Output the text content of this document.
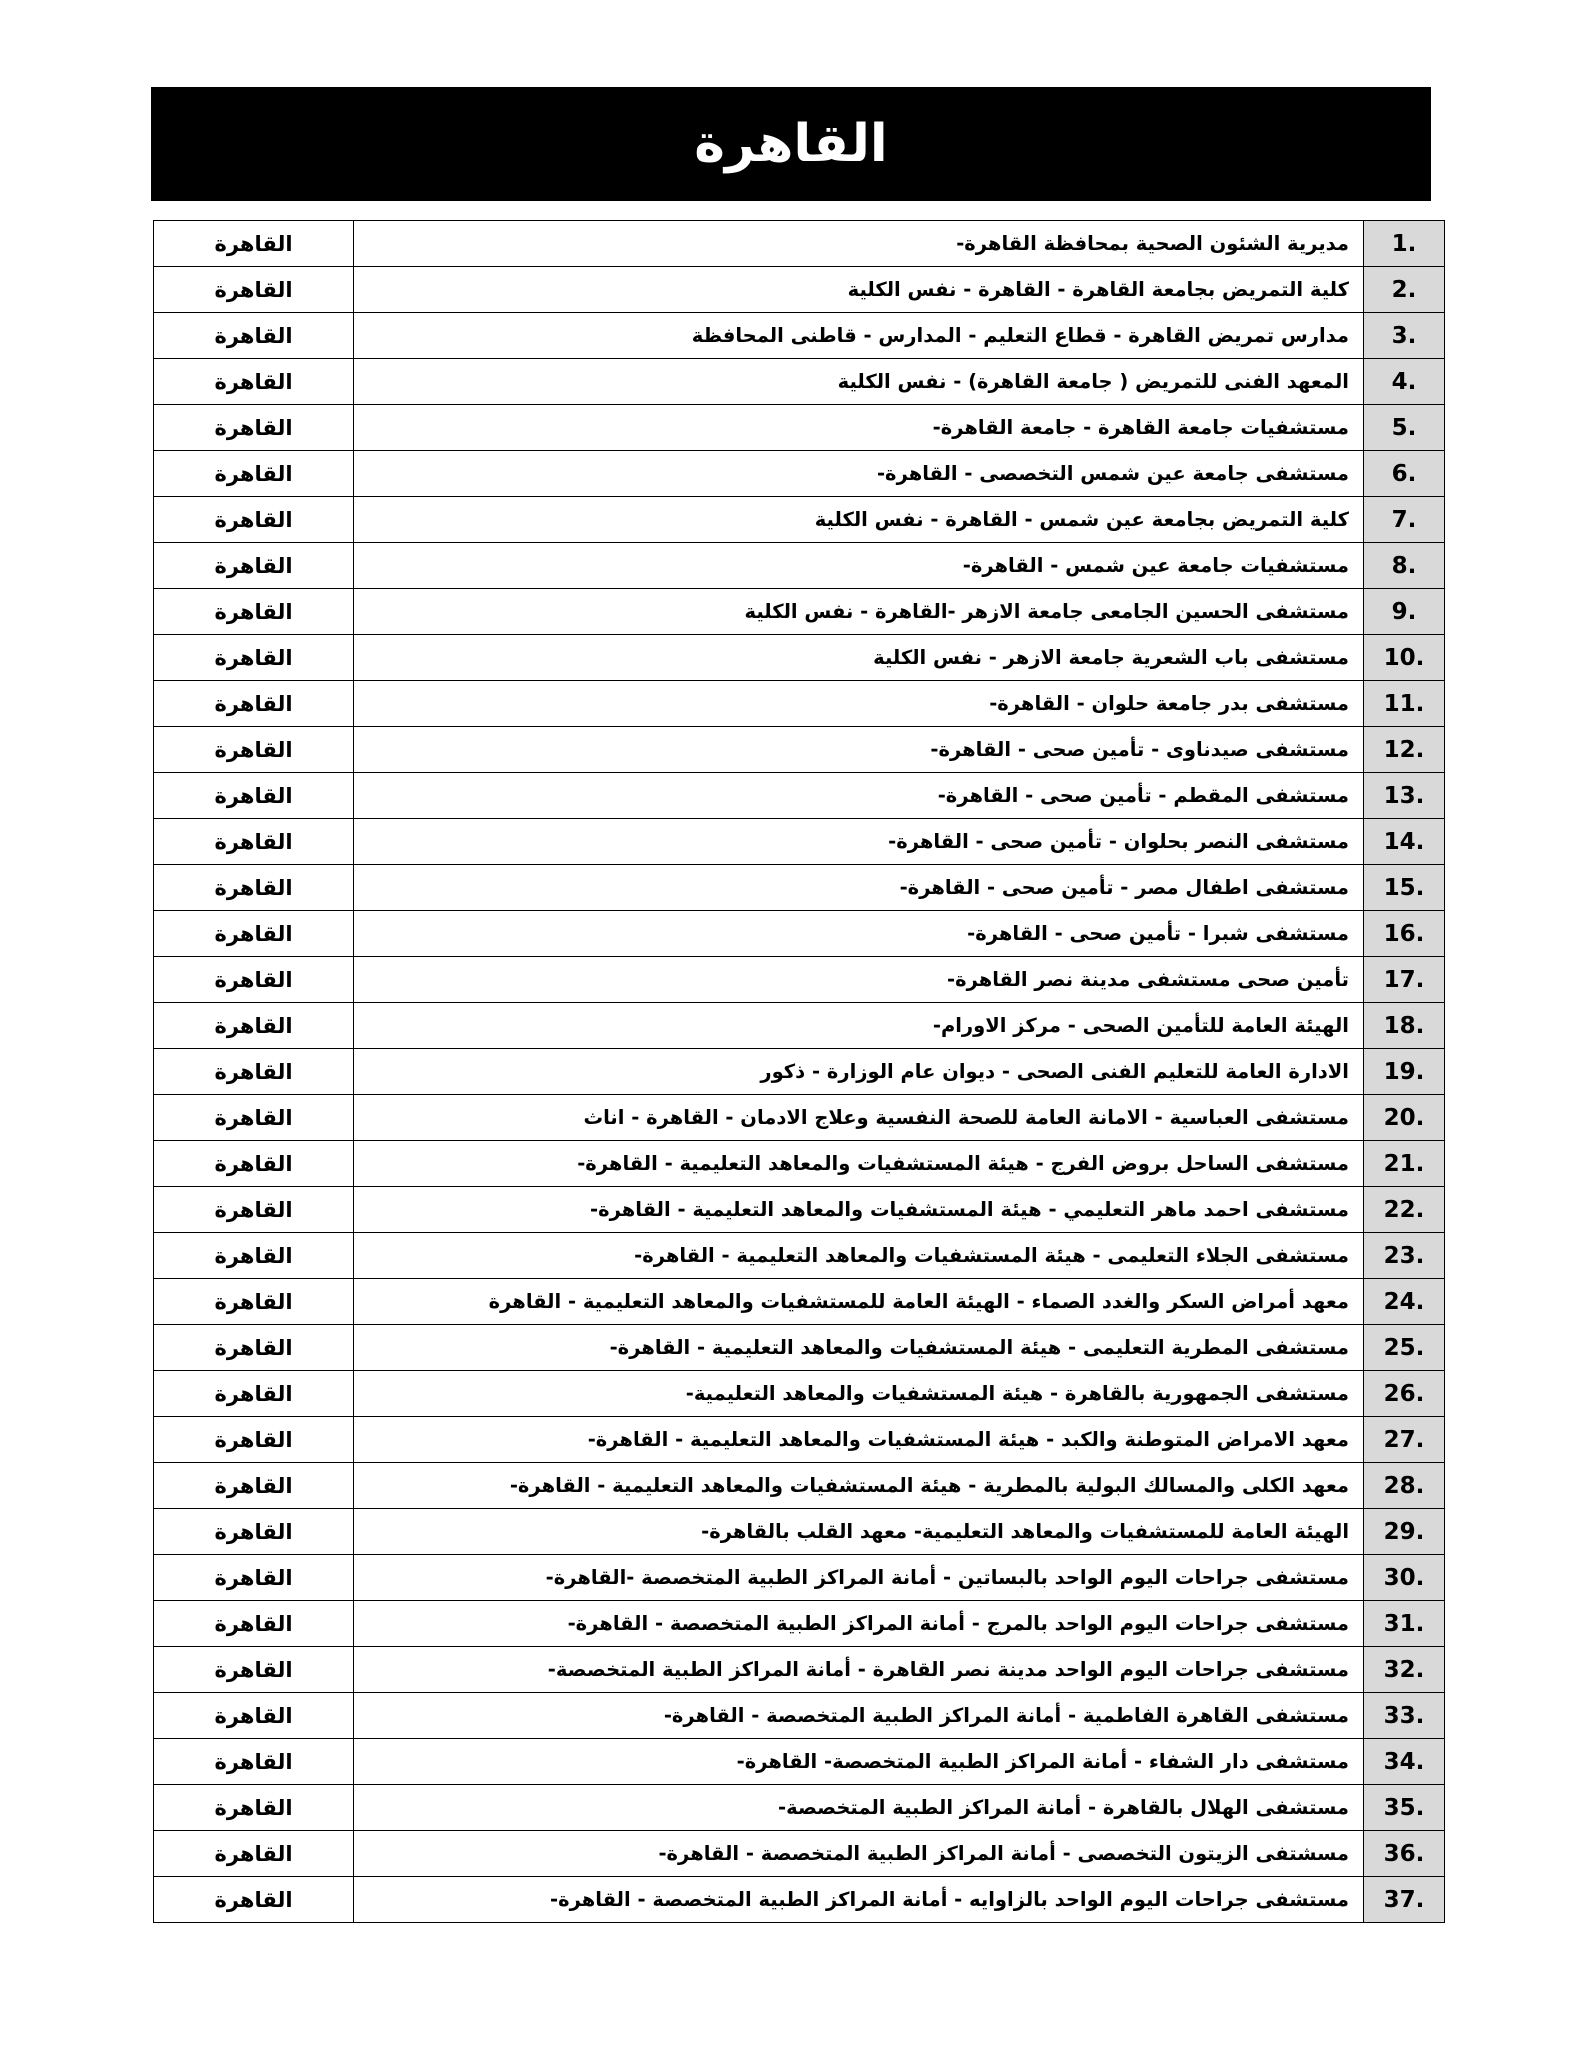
القاهرة
1.	مديرية الشئون الصحية بمحافظة القاهرة-	القاهرة
2.	كلية التمريض بجامعة القاهرة - القاهرة - نفس الكلية	القاهرة
3.	مدارس تمريض القاهرة - قطاع التعليم - المدارس - قاطنى المحافظة	القاهرة
4.	المعهد الفنى للتمريض ( جامعة القاهرة) - نفس الكلية	القاهرة
5.	مستشفيات جامعة القاهرة - جامعة القاهرة-	القاهرة
6.	مستشفى جامعة عين شمس التخصصى - القاهرة-	القاهرة
7.	كلية التمريض بجامعة عين شمس - القاهرة - نفس الكلية	القاهرة
8.	مستشفيات جامعة عين شمس - القاهرة-	القاهرة
9.	مستشفى الحسين الجامعى جامعة الازهر -القاهرة - نفس الكلية	القاهرة
10.	مستشفى باب الشعرية جامعة الازهر - نفس الكلية	القاهرة
11.	مستشفى بدر جامعة حلوان - القاهرة-	القاهرة
12.	مستشفى صيدناوى - تأمين صحى - القاهرة-	القاهرة
13.	مستشفى المقطم - تأمين صحى - القاهرة-	القاهرة
14.	مستشفى النصر بحلوان - تأمين صحى - القاهرة-	القاهرة
15.	مستشفى اطفال مصر - تأمين صحى - القاهرة-	القاهرة
16.	مستشفى شبرا - تأمين صحى - القاهرة-	القاهرة
17.	تأمين صحى مستشفى مدينة نصر القاهرة-	القاهرة
18.	الهيئة العامة للتأمين الصحى - مركز الاورام-	القاهرة
19.	الادارة العامة للتعليم الفنى الصحى - ديوان عام الوزارة - ذكور	القاهرة
20.	مستشفى العباسية - الامانة العامة للصحة النفسية وعلاج الادمان - القاهرة - اناث	القاهرة
21.	مستشفى الساحل بروض الفرج - هيئة المستشفيات والمعاهد التعليمية - القاهرة-	القاهرة
22.	مستشفى احمد ماهر التعليمي - هيئة المستشفيات والمعاهد التعليمية - القاهرة-	القاهرة
23.	مستشفى الجلاء التعليمى - هيئة المستشفيات والمعاهد التعليمية - القاهرة-	القاهرة
24.	معهد أمراض السكر والغدد الصماء - الهيئة العامة للمستشفيات والمعاهد التعليمية - القاهرة	القاهرة
25.	مستشفى المطرية التعليمى - هيئة المستشفيات والمعاهد التعليمية - القاهرة-	القاهرة
26.	مستشفى الجمهورية بالقاهرة - هيئة المستشفيات والمعاهد التعليمية-	القاهرة
27.	معهد الامراض المتوطنة والكبد - هيئة المستشفيات والمعاهد التعليمية - القاهرة-	القاهرة
28.	معهد الكلى والمسالك البولية بالمطرية - هيئة المستشفيات والمعاهد التعليمية - القاهرة-	القاهرة
29.	الهيئة العامة للمستشفيات والمعاهد التعليمية- معهد القلب بالقاهرة-	القاهرة
30.	مستشفى جراحات اليوم الواحد بالبساتين - أمانة المراكز الطبية المتخصصة -القاهرة-	القاهرة
31.	مستشفى جراحات اليوم الواحد بالمرج - أمانة المراكز الطبية المتخصصة - القاهرة-	القاهرة
32.	مستشفى جراحات اليوم الواحد مدينة نصر القاهرة - أمانة المراكز الطبية المتخصصة-	القاهرة
33.	مستشفى القاهرة الفاطمية - أمانة المراكز الطبية المتخصصة - القاهرة-	القاهرة
34.	مستشفى دار الشفاء - أمانة المراكز الطبية المتخصصة- القاهرة-	القاهرة
35.	مستشفى الهلال بالقاهرة - أمانة المراكز الطبية المتخصصة-	القاهرة
36.	مسشتفى الزيتون التخصصى - أمانة المراكز الطبية المتخصصة - القاهرة-	القاهرة
37.	مستشفى جراحات اليوم الواحد بالزاوايه - أمانة المراكز الطبية المتخصصة - القاهرة-	القاهرة
